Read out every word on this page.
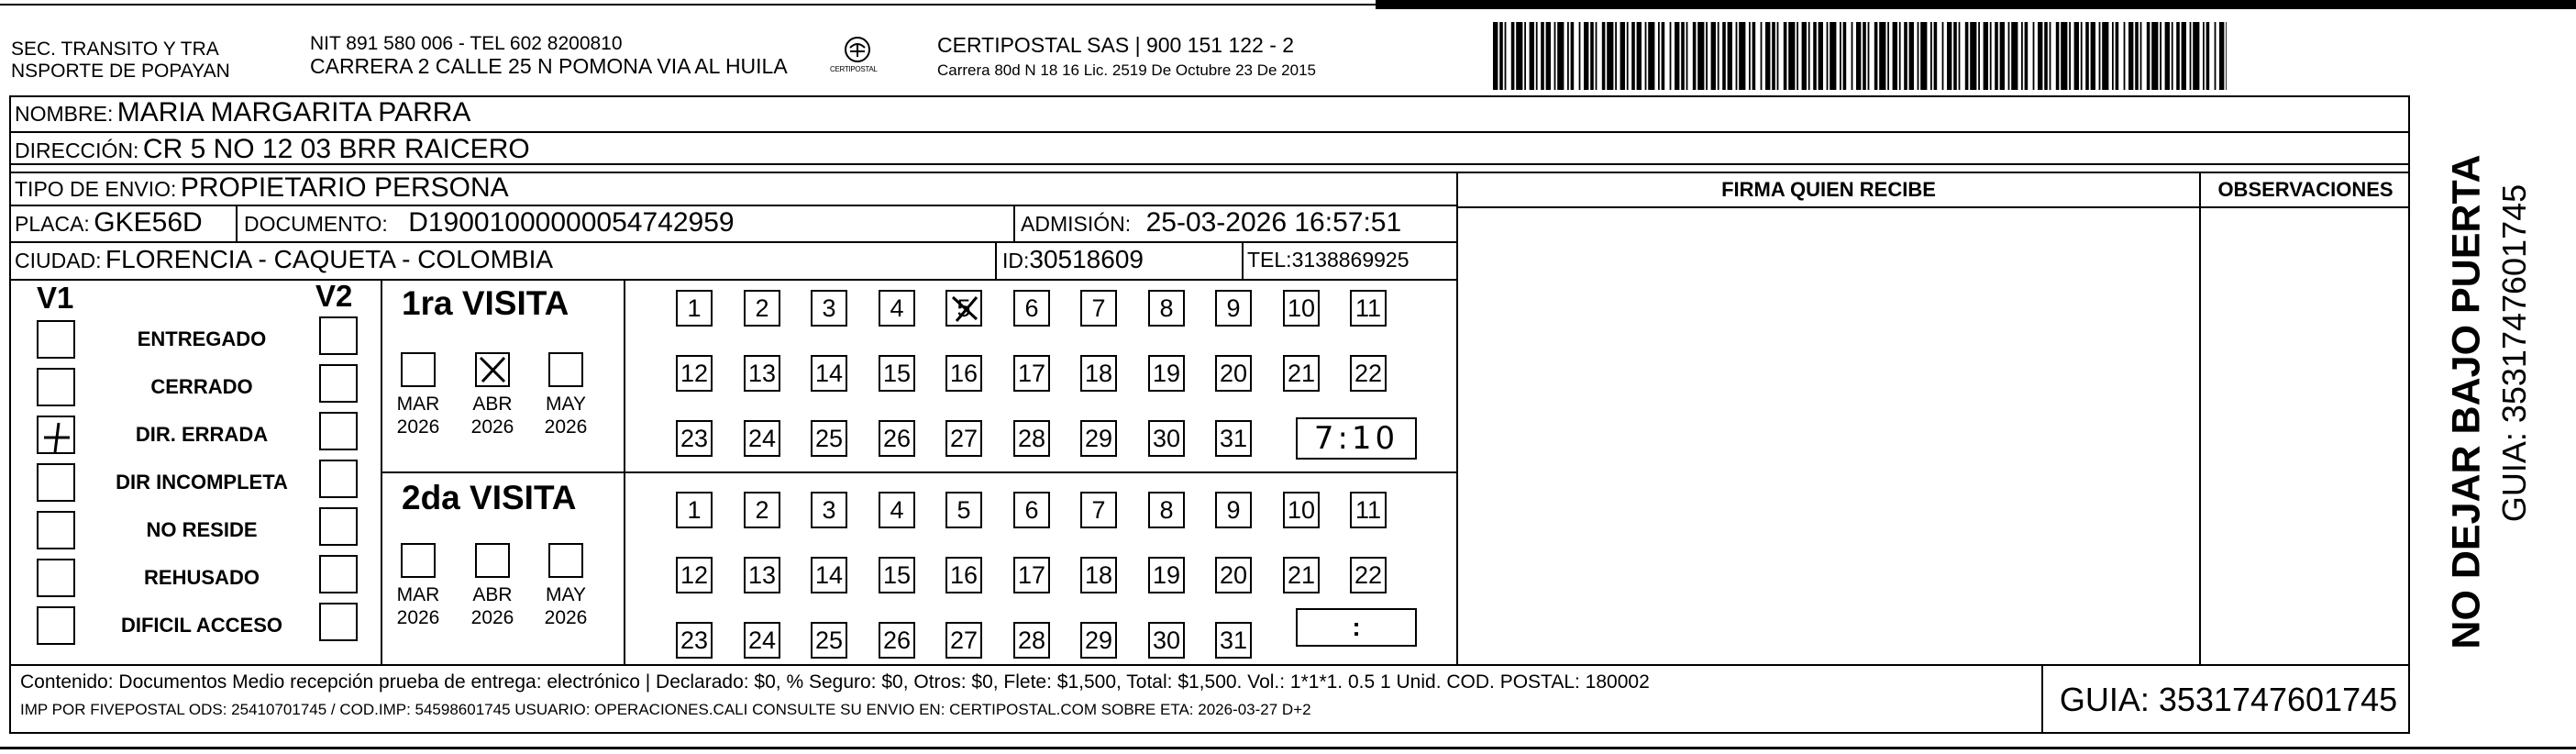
SEC. TRANSITO Y TRA
NSPORTE DE POPAYAN
NIT 891 580 006 - TEL 602 8200810
CARRERA 2 CALLE 25 N POMONA VIA AL HUILA	CERTIPOSTAL
CERTIPOSTAL SAS | 900 151 122 - 2
Carrera 80d N 18 16 Lic. 2519 De Octubre 23 De 2015
FIRMA QUIEN RECIBE	OBSERVACIONES
NOMBRE: MARIA MARGARITA PARRA
DIRECCIÓN: CR 5 NO 12 03 BRR RAICERO
TIPO DE ENVIO: PROPIETARIO PERSONA
PLACA: GKE56D DOCUMENTO: D19001000000054742959	ADMISIÓN: 25-03-2026 16:57:51
CIUDAD: FLORENCIA - CAQUETA - COLOMBIA	ID:30518609	TEL:3138869925
V1	V2
ENTREGADO
CERRADO
DIR. ERRADA
DIR INCOMPLETA
NO RESIDE
REHUSADO
DIFICIL ACCESO
1ra VISITA
MAR
2026
ABR
2026
MAY
2026
1	2	3	4	5	6	7	8	9	10 11
12 13 14 15 16 17 18 19 20 21 22
23 24 25 26 27 28 29 30 31	7:10
2da VISITA
MAR
2026
ABR
2026
MAY
2026
1	2	3	4	5	6	7	8	9	10 11
12 13 14 15 16 17 18 19 20 21 22
23 24 25 26 27 28 29 30 31	:
Contenido: Documentos Medio recepción prueba de entrega: electrónico | Declarado: $0, % Seguro: $0, Otros: $0, Flete: $1,500, Total: $1,500. Vol.: 1*1*1. 0.5 1 Unid. COD. POSTAL: 180002
IMP POR FIVEPOSTAL ODS: 25410701745 / COD.IMP: 54598601745 USUARIO: OPERACIONES.CALI CONSULTE SU ENVIO EN: CERTIPOSTAL.COM SOBRE ETA: 2026-03-27 D+2	GUIA: 3531747601745
NO DEJAR BAJO PUERTA GUIA: 3531747601745
